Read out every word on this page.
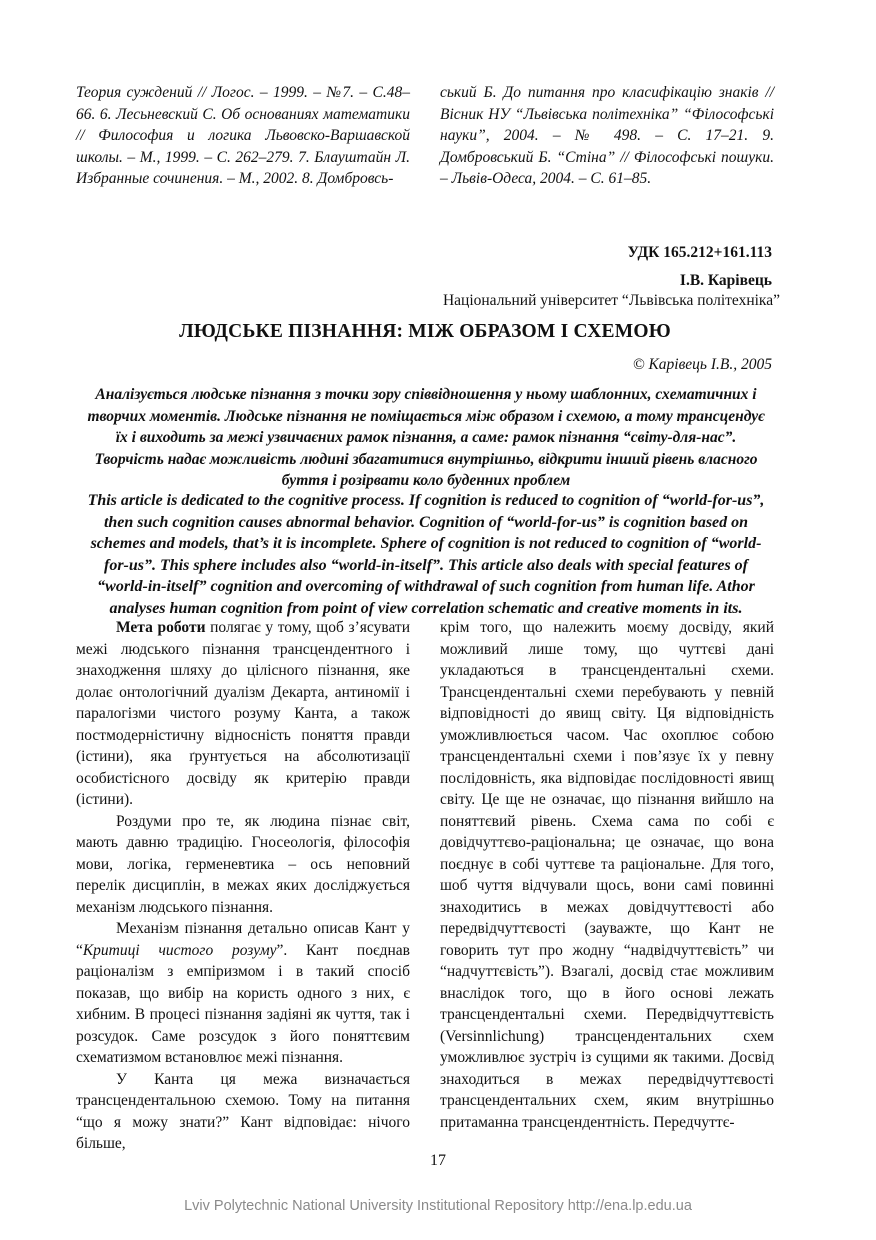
Теория суждений // Логос. – 1999. – №7. – С.48–66. 6. Лесьневский С. Об основаниях математики // Философия и логика Львовско-Варшавской школы. – М., 1999. – С. 262–279. 7. Блауштайн Л. Избранные сочинения. – М., 2002. 8. Домбровсь-
ський Б. До питання про класифікацію знаків // Вісник НУ “Львівська політехніка” “Філософські науки”, 2004. – № 498. – С. 17–21. 9. Домбровський Б. “Стіна” // Філософські пошуки. – Львів-Одеса, 2004. – С. 61–85.
УДК 165.212+161.113
І.В. Карівець
Національний університет “Львівська політехніка”
ЛЮДСЬКЕ ПІЗНАННЯ: МІЖ ОБРАЗОМ І СХЕМОЮ
© Карівець І.В., 2005
Аналізується людське пізнання з точки зору співвідношення у ньому шаблонних, схематичних і творчих моментів. Людське пізнання не поміщається між образом і схемою, а тому трансцендує їх і виходить за межі узвичаєних рамок пізнання, а саме: рамок пізнання “світу-для-нас”. Творчість надає можливість людині збагатитися внутрішньо, відкрити інший рівень власного буття і розірвати коло буденних проблем
This article is dedicated to the cognitive process. If cognition is reduced to cognition of “world-for-us”, then such cognition causes abnormal behavior. Cognition of “world-for-us” is cognition based on schemes and models, that’s it is incomplete. Sphere of cognition is not reduced to cognition of “world-for-us”. This sphere includes also “world-in-itself”. This article also deals with special features of “world-in-itself” cognition and overcoming of withdrawal of such cognition from human life. Athor analyses human cognition from point of view correlation schematic and creative moments in its.

Мета роботи полягає у тому, щоб з’ясувати межі людського пізнання трансцендентного і знаходження шляху до цілісного пізнання, яке долає онтологічний дуалізм Декарта, антиномії і паралогізми чистого розуму Канта, а також постмодерністичну відносність поняття правди (істини), яка ґрунтується на абсолютизації особистісного досвіду як критерію правди (істини).

Роздуми про те, як людина пізнає світ, мають давню традицію. Гносеологія, філософія мови, логіка, герменевтика – ось неповний перелік дисциплін, в межах яких досліджується механізм людського пізнання.

Механізм пізнання детально описав Кант у “Критиці чистого розуму”. Кант поєднав раціоналізм з емпіризмом і в такий спосіб показав, що вибір на користь одного з них, є хибним. В процесі пізнання задіяні як чуття, так і розсудок. Саме розсудок з його поняттєвим схематизмом встановлює межі пізнання.

У Канта ця межа визначається трансцендентальною схемою. Тому на питання “що я можу знати?” Кант відповідає: нічого більше,

крім того, що належить моєму досвіду, який можливий лише тому, що чуттєві дані укладаються в трансцендентальні схеми. Трансцендентальні схеми перебувають у певній відповідності до явищ світу. Ця відповідність уможливлюється часом. Час охоплює собою трансцендентальні схеми і пов’язує їх у певну послідовність, яка відповідає послідовності явищ світу. Це ще не означає, що пізнання вийшло на поняттєвий рівень. Схема сама по собі є довідчуттєво-раціональна; це означає, що вона поєднує в собі чуттєве та раціональне. Для того, шоб чуття відчували щось, вони самі повинні знаходитись в межах довідчуттєвості або передвідчуттєвості (зауважте, що Кант не говорить тут про жодну “надвідчуттєвість” чи “надчуттєвість”). Взагалі, досвід стає можливим внаслідок того, що в його основі лежать трансцендентальні схеми. Передвідчуттєвість (Versinnlichung) трансцендентальних схем уможливлює зустріч із сущими як такими. Досвід знаходиться в межах передвідчуттєвості трансцендентальних схем, яким внутрішньо притаманна трансцендентність. Передчуттє-

17
Lviv Polytechnic National University Institutional Repository http://ena.lp.edu.ua
